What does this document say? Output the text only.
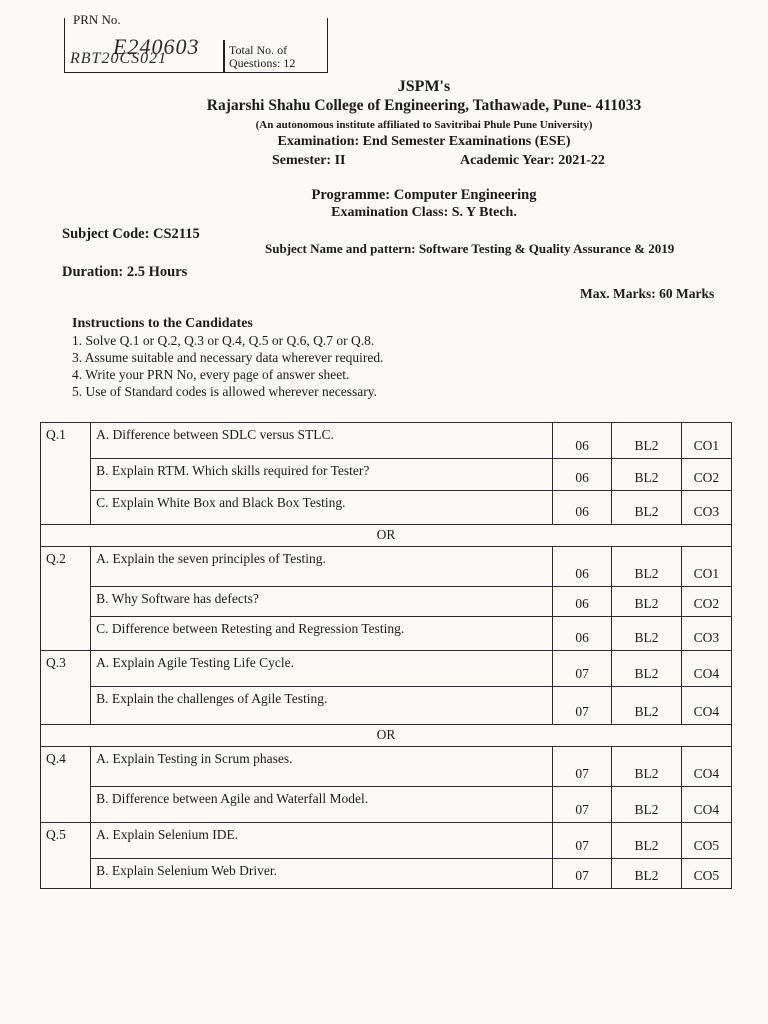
PRN No.
E240603 Total No. of Questions: 12
RBT20CS021
JSPM's
Rajarshi Shahu College of Engineering, Tathawade, Pune- 411033
(An autonomous institute affiliated to Savitribai Phule Pune University)
Examination: End Semester Examinations (ESE)
Semester: II	Academic Year: 2021-22
Programme: Computer Engineering
Examination Class: S. Y Btech.
Subject Code: CS2115
Subject Name and pattern: Software Testing & Quality Assurance & 2019
Duration: 2.5 Hours
Max. Marks: 60 Marks
Instructions to the Candidates
1. Solve Q.1 or Q.2, Q.3 or Q.4, Q.5 or Q.6, Q.7 or Q.8.
3. Assume suitable and necessary data wherever required.
4. Write your PRN No, every page of answer sheet.
5. Use of Standard codes is allowed wherever necessary.
Q.1	A. Difference between SDLC versus STLC.	06	BL2	CO1
	B. Explain RTM. Which skills required for Tester?	06	BL2	CO2
	C. Explain White Box and Black Box Testing.	06	BL2	CO3
OR				
Q.2	A. Explain the seven principles of Testing.	06	BL2	CO1
	B. Why Software has defects?	06	BL2	CO2
	C. Difference between Retesting and Regression Testing.	06	BL2	CO3
Q.3	A. Explain Agile Testing Life Cycle.	07	BL2	CO4
	B. Explain the challenges of Agile Testing.	07	BL2	CO4
OR				
Q.4	A. Explain Testing in Scrum phases.	07	BL2	CO4
	B. Difference between Agile and Waterfall Model.	07	BL2	CO4
Q.5	A. Explain Selenium IDE.	07	BL2	CO5
	B. Explain Selenium Web Driver.	07	BL2	CO5
